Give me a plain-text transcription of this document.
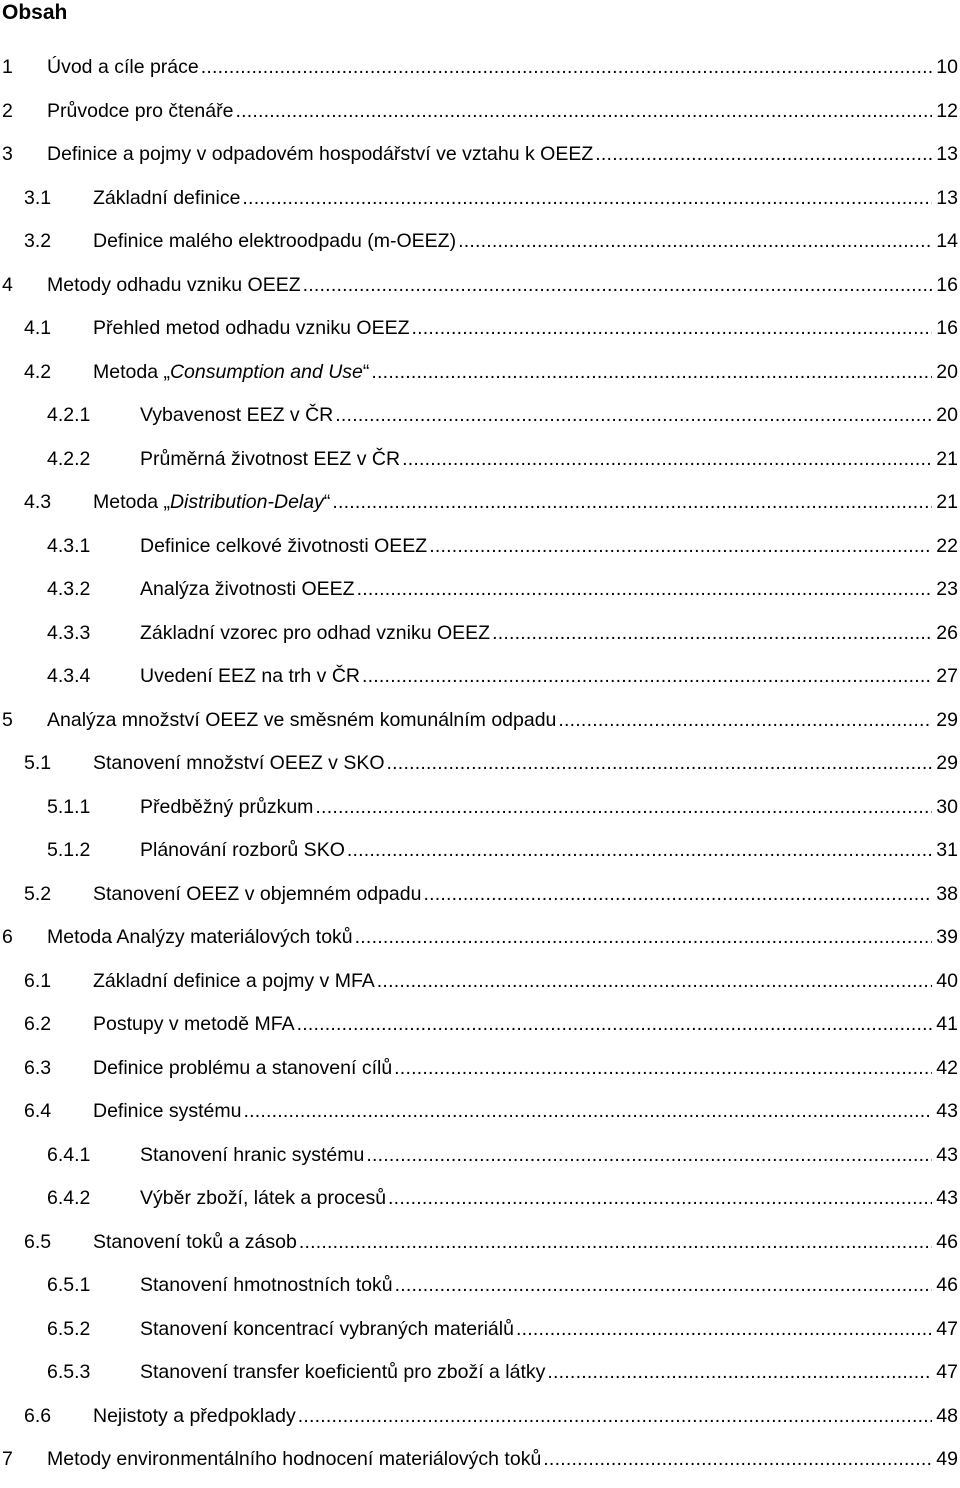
Obsah
1 Úvod a cíle práce . . .	10
2 Průvodce pro čtenáře . . .	12
3 Definice a pojmy v odpadovém hospodářství ve vztahu k OEEZ . . .	13
3.1 Základní definice . . .	13
3.2 Definice malého elektroodpadu (m-OEEZ) . . .	14
4 Metody odhadu vzniku OEEZ . . .	16
4.1 Přehled metod odhadu vzniku OEEZ . . .	16
4.2 Metoda „Consumption and Use“ . . .	20
4.2.1	Vybavenost EEZ v ČR . . .	20
4.2.2	Průměrná životnost EEZ v ČR . . .	21
4.3 Metoda „Distribution-Delay“ . . .	21
4.3.1	Definice celkové životnosti OEEZ . . .	22
4.3.2	Analýza životnosti OEEZ . . .	23
4.3.3	Základní vzorec pro odhad vzniku OEEZ . . .	26
4.3.4	Uvedení EEZ na trh v ČR . . .	27
5 Analýza množství OEEZ ve směsném komunálním odpadu . . .	29
5.1 Stanovení množství OEEZ v SKO . . .	29
5.1.1	Předběžný průzkum . . .	30
5.1.2	Plánování rozborů SKO . . .	31
5.2 Stanovení OEEZ v objemném odpadu . . .	38
6 Metoda Analýzy materiálových toků . . .	39
6.1 Základní definice a pojmy v MFA . . .	40
6.2 Postupy v metodě MFA . . .	41
6.3 Definice problému a stanovení cílů . . .	42
6.4 Definice systému . . .	43
6.4.1	Stanovení hranic systému . . .	43
6.4.2	Výběr zboží, látek a procesů . . .	43
6.5 Stanovení toků a zásob . . .	46
6.5.1	Stanovení hmotnostních toků . . .	46
6.5.2	Stanovení koncentrací vybraných materiálů . . .	47
6.5.3	Stanovení transfer koeficientů pro zboží a látky . . .	47
6.6 Nejistoty a předpoklady . . .	48
7 Metody environmentálního hodnocení materiálových toků . . .	49
